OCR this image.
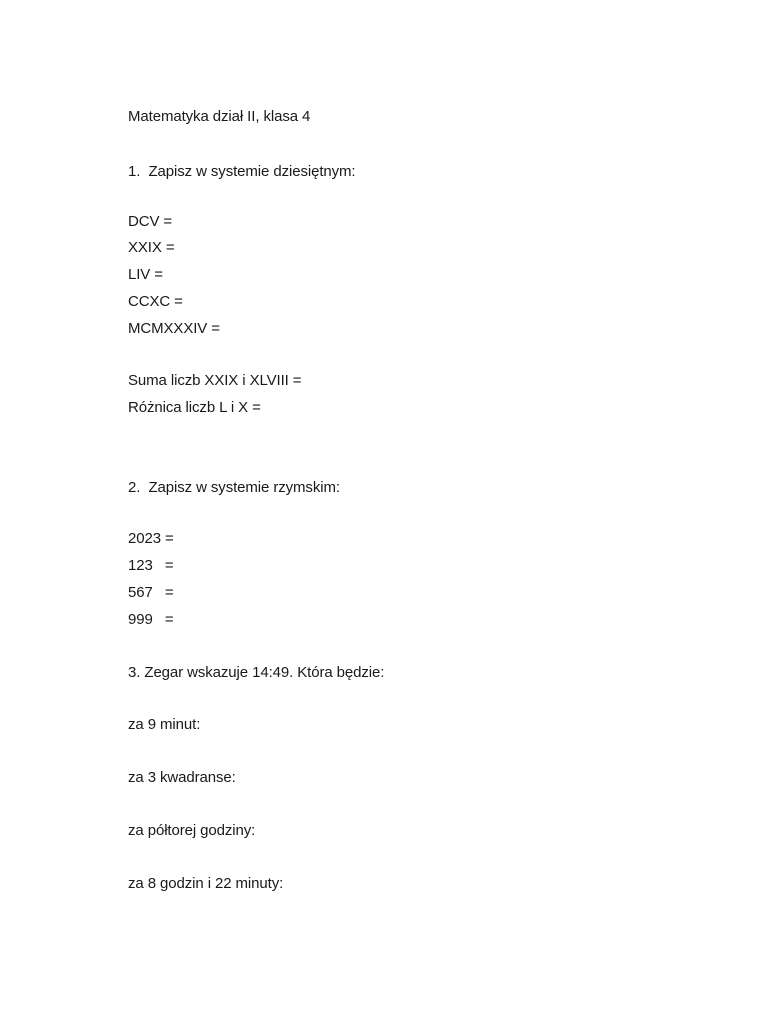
Matematyka dział II, klasa 4
1.  Zapisz w systemie dziesiętnym:
DCV =
XXIX =
LIV =
CCXC =
MCMXXXIV =
Suma liczb XXIX i XLVIII =
Różnica liczb L i X =
2.  Zapisz w systemie rzymskim:
2023 =
123   =
567   =
999   =
3. Zegar wskazuje 14:49. Która będzie:
za 9 minut:
za 3 kwadranse:
za półtorej godziny:
za 8 godzin i 22 minuty:
